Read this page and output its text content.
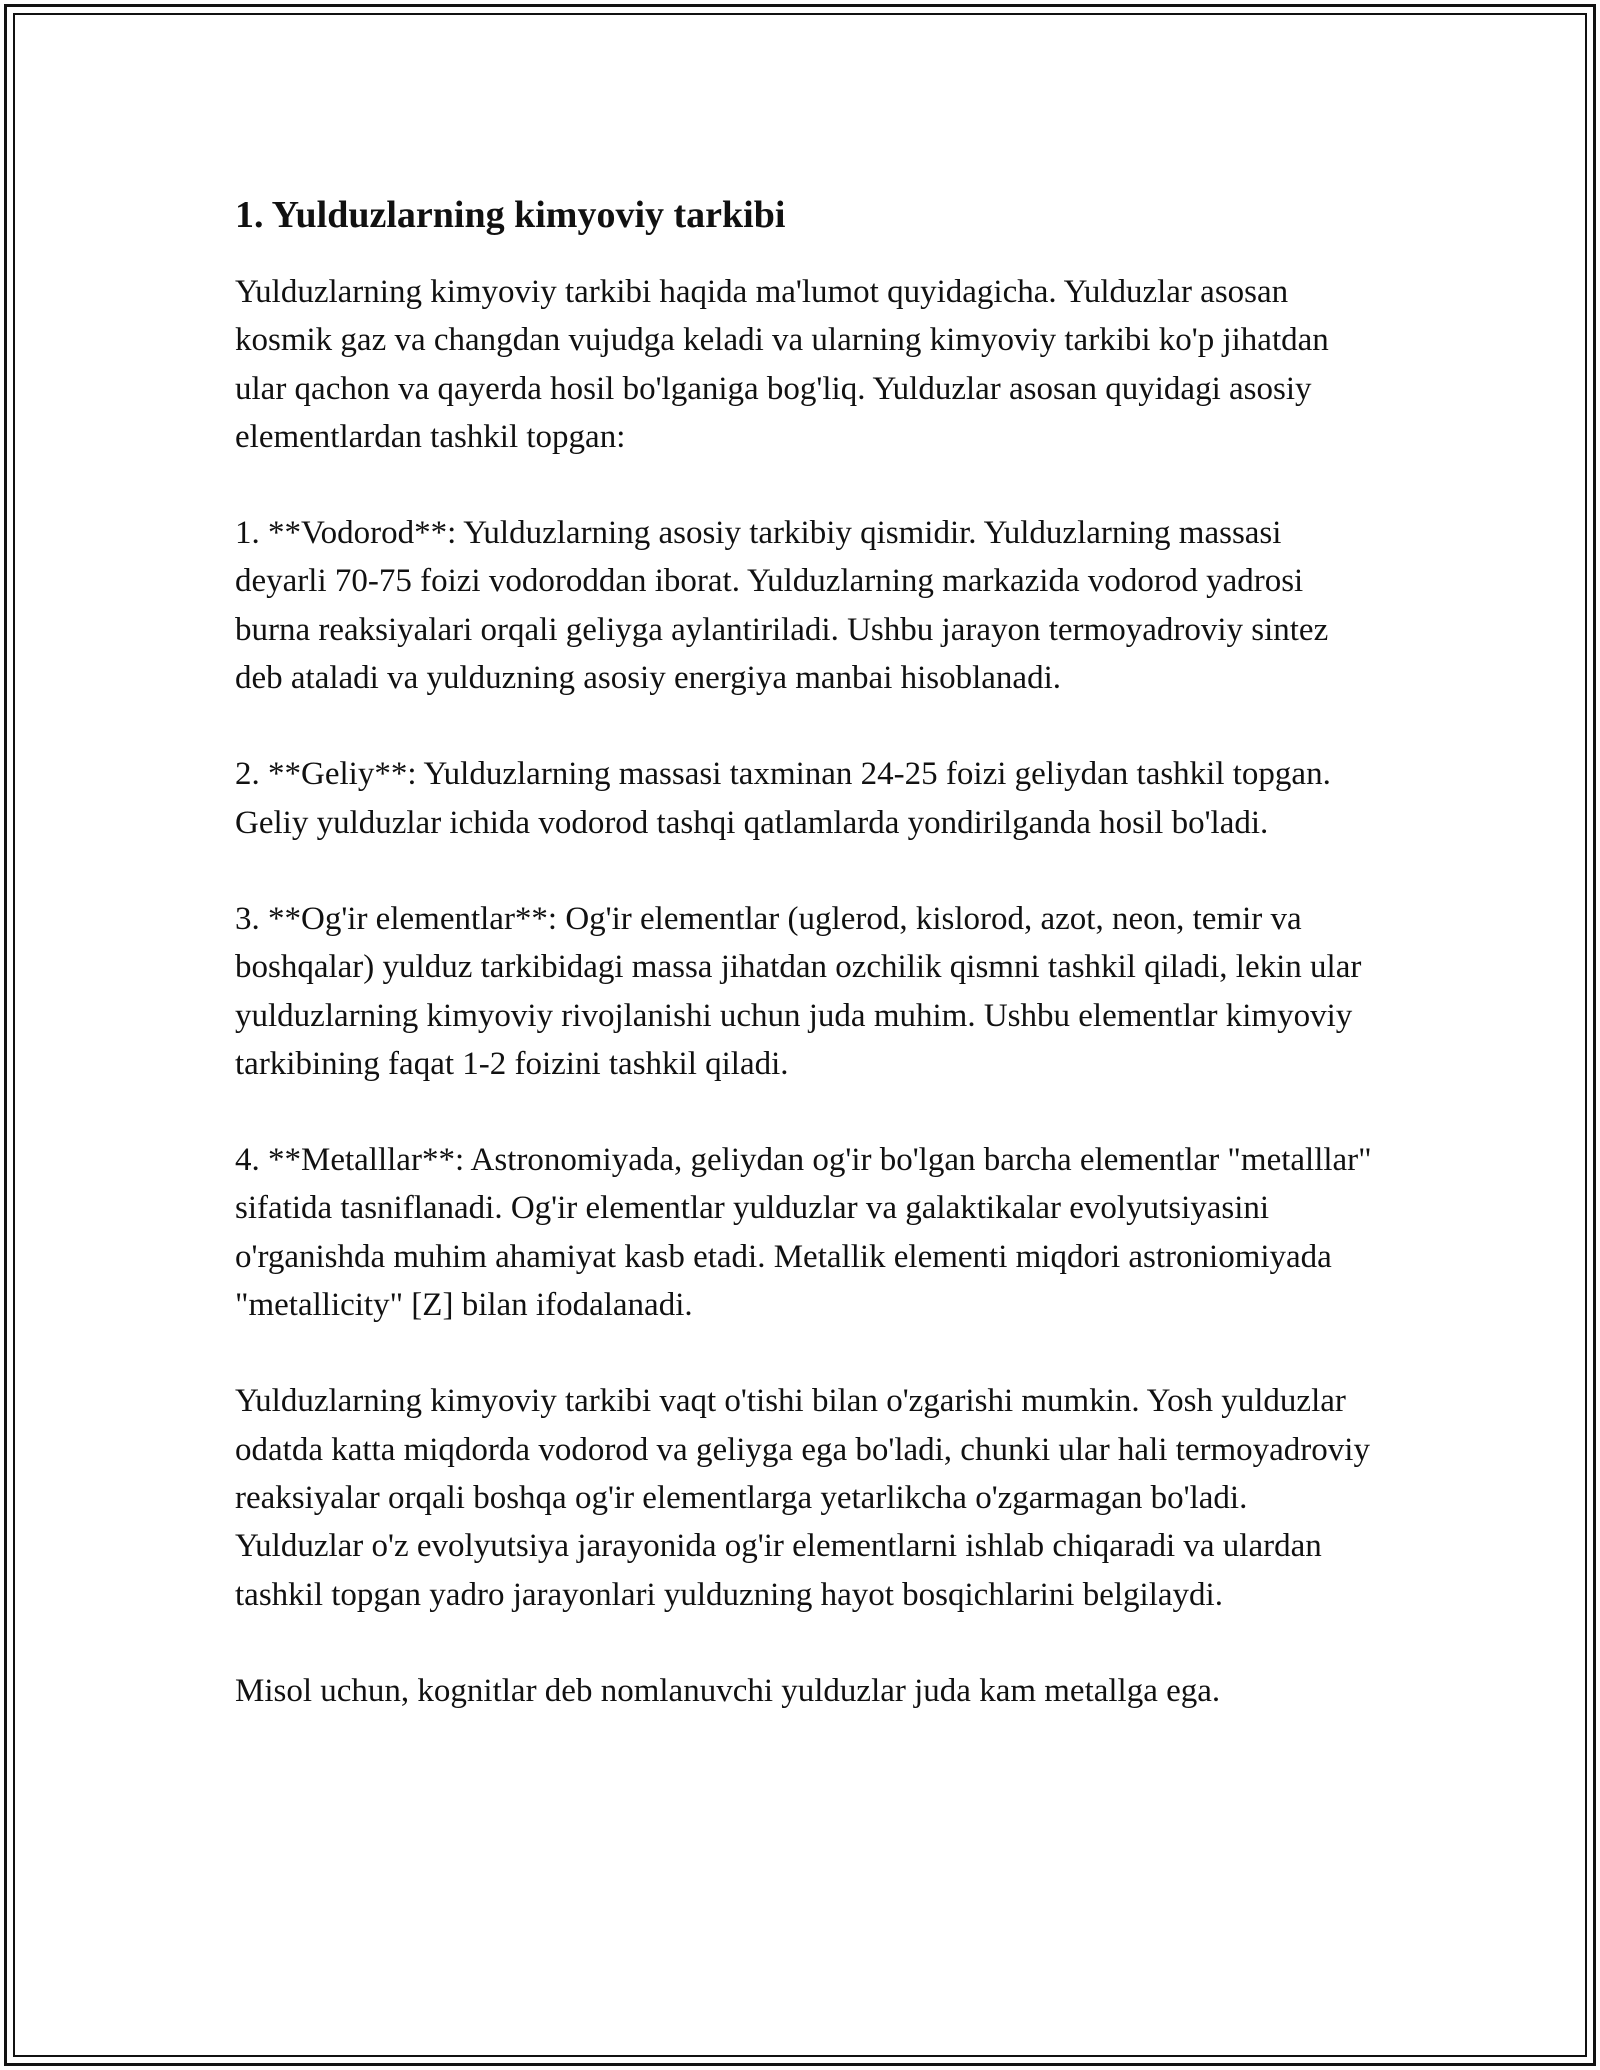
1. Yulduzlarning kimyoviy tarkibi

Yulduzlarning kimyoviy tarkibi haqida ma'lumot quyidagicha. Yulduzlar asosan kosmik gaz va changdan vujudga keladi va ularning kimyoviy tarkibi ko'p jihatdan ular qachon va qayerda hosil bo'lganiga bog'liq. Yulduzlar asosan quyidagi asosiy elementlardan tashkil topgan:

1. **Vodorod**: Yulduzlarning asosiy tarkibiy qismidir. Yulduzlarning massasi deyarli 70-75 foizi vodoroddan iborat. Yulduzlarning markazida vodorod yadrosi burna reaksiyalari orqali geliyga aylantiriladi. Ushbu jarayon termoyadroviy sintez deb ataladi va yulduzning asosiy energiya manbai hisoblanadi.

2. **Geliy**: Yulduzlarning massasi taxminan 24-25 foizi geliydan tashkil topgan. Geliy yulduzlar ichida vodorod tashqi qatlamlarda yondirilganda hosil bo'ladi.

3. **Og'ir elementlar**: Og'ir elementlar (uglerod, kislorod, azot, neon, temir va boshqalar) yulduz tarkibidagi massa jihatdan ozchilik qismni tashkil qiladi, lekin ular yulduzlarning kimyoviy rivojlanishi uchun juda muhim. Ushbu elementlar kimyoviy tarkibining faqat 1-2 foizini tashkil qiladi.

4. **Metalllar**: Astronomiyada, geliydan og'ir bo'lgan barcha elementlar "metalllar" sifatida tasniflanadi. Og'ir elementlar yulduzlar va galaktikalar evolyutsiyasini o'rganishda muhim ahamiyat kasb etadi. Metallik elementi miqdori astroniomiyada "metallicity" [Z] bilan ifodalanadi.

Yulduzlarning kimyoviy tarkibi vaqt o'tishi bilan o'zgarishi mumkin. Yosh yulduzlar odatda katta miqdorda vodorod va geliyga ega bo'ladi, chunki ular hali termoyadroviy reaksiyalar orqali boshqa og'ir elementlarga yetarlikcha o'zgarmagan bo'ladi. Yulduzlar o'z evolyutsiya jarayonida og'ir elementlarni ishlab chiqaradi va ulardan tashkil topgan yadro jarayonlari yulduzning hayot bosqichlarini belgilaydi.

Misol uchun, kognitlar deb nomlanuvchi yulduzlar juda kam metallga ega.
